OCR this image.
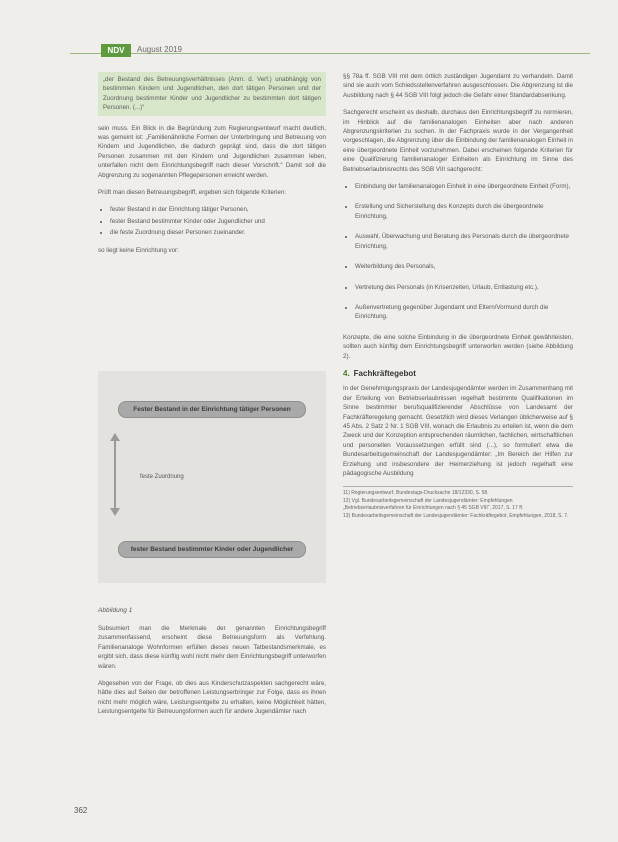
NDV	August 2019

„der Bestand des Betreuungsverhältnisses (Anm. d. Verf.) unabhängig von bestimmten Kindern und Jugendlichen, den dort tätigen Personen und der Zuordnung bestimmter Kinder und Jugendlicher zu bestimmten dort tätigen Personen. (...)“

sein muss. Ein Blick in die Begründung zum Regierungsentwurf macht deutlich, was gemeint ist: „Familienähnliche Formen der Unterbringung und Betreuung von Kindern und Jugendlichen, die dadurch geprägt sind, dass die dort tätigen Personen zusammen mit den Kindern und Jugendlichen zusammen leben, unterfallen nicht dem Einrichtungsbegriff nach dieser Vorschrift.“ Damit soll die Abgrenzung zu sogenannten Pflegepersonen erreicht werden.

Prüft man diesen Betreuungsbegriff, ergeben sich folgende Kriterien:

• fester Bestand in der Einrichtung tätiger Personen,
• fester Bestand bestimmter Kinder oder Jugendlicher und
• die feste Zuordnung dieser Personen zueinander.

so liegt keine Einrichtung vor:

Fester Bestand in der Einrichtung tätiger Personen
fester Bestand bestimmter Kinder oder Jugendlicher
feste Zuordnung
Abbildung 1

Subsumiert man die Merkmale der genannten Einrichtungsbegriff zusammenfassend, erscheint diese Betreuungsform als Verfehlung. Familienanaloge Wohnformen erfüllen dieses neuen Tatbestandsmerkmale, es ergibt sich, dass diese künftig wohl nicht mehr dem Einrichtungsbegriff unterworfen wären.

Abgesehen von der Frage, ob dies aus Kinderschutzaspekten sachgerecht wäre, hätte dies auf Seiten der betroffenen Leistungserbringer zur Folge, dass es ihnen nicht mehr möglich wäre, Leistungsentgelte zu erhalten, keine Möglichkeit hätten, Leistungsentgelte für Betreuungsformen auch für andere Jugendämter nach

§§ 78a ff. SGB VIII mit dem örtlich zuständigen Jugendamt zu verhandeln. Damit sind sie auch vom Schiedsstellenverfahren ausgeschlossen. Die Abgrenzung ist die Ausbildung nach § 44 SGB VIII folgt jedoch die Gefahr einer Standardabsenkung.

Sachgerecht erscheint es deshalb, durchaus den Einrichtungsbegriff zu normieren, im Hinblick auf die familienanalogen Einheiten aber nach anderen Abgrenzungskriterien zu suchen. In der Fachpraxis wurde in der Vergangenheit vorgeschlagen, die Abgrenzung über die Einbindung der familienanalogen Einheit in eine übergeordnete Einheit vorzunehmen. Dabei erscheinen folgende Kriterien für eine Qualifizierung familienanaloger Einheiten als Einrichtung im Sinne des Betriebserlaubnisrechts des SGB VIII sachgerecht:

• Einbindung der familienanalogen Einheit in eine übergeordnete Einheit (Form),
• Erstellung und Sicherstellung des Konzepts durch die übergeordnete Einrichtung,
• Auswahl, Überwachung und Beratung des Personals durch die übergeordnete Einrichtung,
• Weiterbildung des Personals,
• Vertretung des Personals (in Krisenzeiten, Urlaub, Entlastung etc.),
• Außenvertretung gegenüber Jugendamt und Eltern/Vormund durch die Einrichtung.

Konzepte, die eine solche Einbindung in die übergeordnete Einheit gewährleisten, sollten auch künftig dem Einrichtungsbegriff unterworfen werden (siehe Abbildung 2).

4. Fachkräftegebot

In der Genehmigungspraxis der Landesjugendämter werden im Zusammenhang mit der Erteilung von Betriebserlaubnissen regelhaft bestimmte Qualifikationen im Sinne bestimmter berufsqualifizierender Abschlüsse von Landesamt der Fachkräfteregelung gemacht. Gesetzlich wird dieses Verlangen üblicherweise auf § 45 Abs. 2 Satz 2 Nr. 1 SGB VIII, wonach die Erlaubnis zu erteilen ist, wenn die dem Zweck und der Konzeption entsprechenden räumlichen, fachlichen, wirtschaftlichen und personellen Voraussetzungen erfüllt sind (...), so formuliert etwa die Bundesarbeitsgemeinschaft der Landesjugendämter: „Im Bereich der Hilfen zur Erziehung und insbesondere der Heimerziehung ist jedoch regelhaft eine pädagogische Ausbildung

11) Regierungsentwurf, Bundestags-Drucksache 18/12330, S. 58.
12) Vgl. Bundesarbeitsgemeinschaft der Landesjugendämter: Empfehlungen „Betriebserlaubnisverfahren für Einrichtungen nach § 45 SGB VIII“, 2017, S. 17 ff.
13) Bundesarbeitsgemeinschaft der Landesjugendämter: Fachkräftegebot, Empfehlungen, 2018, S. 7.
362
